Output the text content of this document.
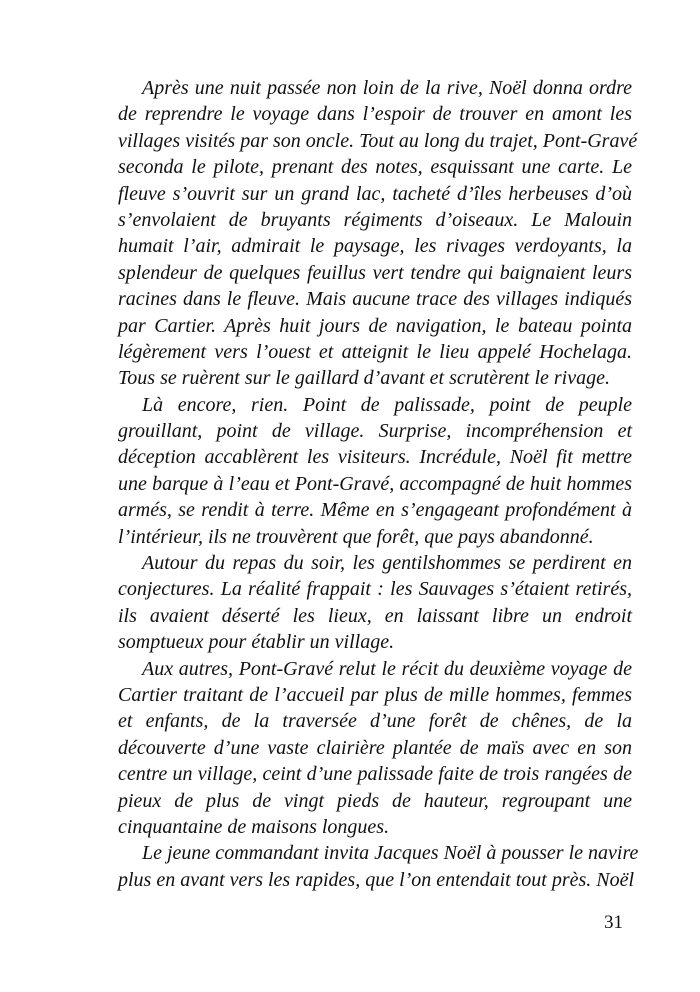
Après une nuit passée non loin de la rive, Noël donna ordre
de reprendre le voyage dans l’espoir de trouver en amont les
villages visités par son oncle. Tout au long du trajet, Pont-Gravé
seconda le pilote, prenant des notes, esquissant une carte. Le
fleuve s’ouvrit sur un grand lac, tacheté d’îles herbeuses d’où
s’envolaient de bruyants régiments d’oiseaux. Le Malouin
humait l’air, admirait le paysage, les rivages verdoyants, la
splendeur de quelques feuillus vert tendre qui baignaient leurs
racines dans le fleuve. Mais aucune trace des villages indiqués
par Cartier. Après huit jours de navigation, le bateau pointa
légèrement vers l’ouest et atteignit le lieu appelé Hochelaga.
Tous se ruèrent sur le gaillard d’avant et scrutèrent le rivage.
Là encore, rien. Point de palissade, point de peuple
grouillant, point de village. Surprise, incompréhension et
déception accablèrent les visiteurs. Incrédule, Noël fit mettre
une barque à l’eau et Pont-Gravé, accompagné de huit hommes
armés, se rendit à terre. Même en s’engageant profondément à
l’intérieur, ils ne trouvèrent que forêt, que pays abandonné.
Autour du repas du soir, les gentilshommes se perdirent en
conjectures. La réalité frappait : les Sauvages s’étaient retirés,
ils avaient déserté les lieux, en laissant libre un endroit
somptueux pour établir un village.
Aux autres, Pont-Gravé relut le récit du deuxième voyage de
Cartier traitant de l’accueil par plus de mille hommes, femmes
et enfants, de la traversée d’une forêt de chênes, de la
découverte d’une vaste clairière plantée de maïs avec en son
centre un village, ceint d’une palissade faite de trois rangées de
pieux de plus de vingt pieds de hauteur, regroupant une
cinquantaine de maisons longues.
Le jeune commandant invita Jacques Noël à pousser le navire
plus en avant vers les rapides, que l’on entendait tout près. Noël
31
